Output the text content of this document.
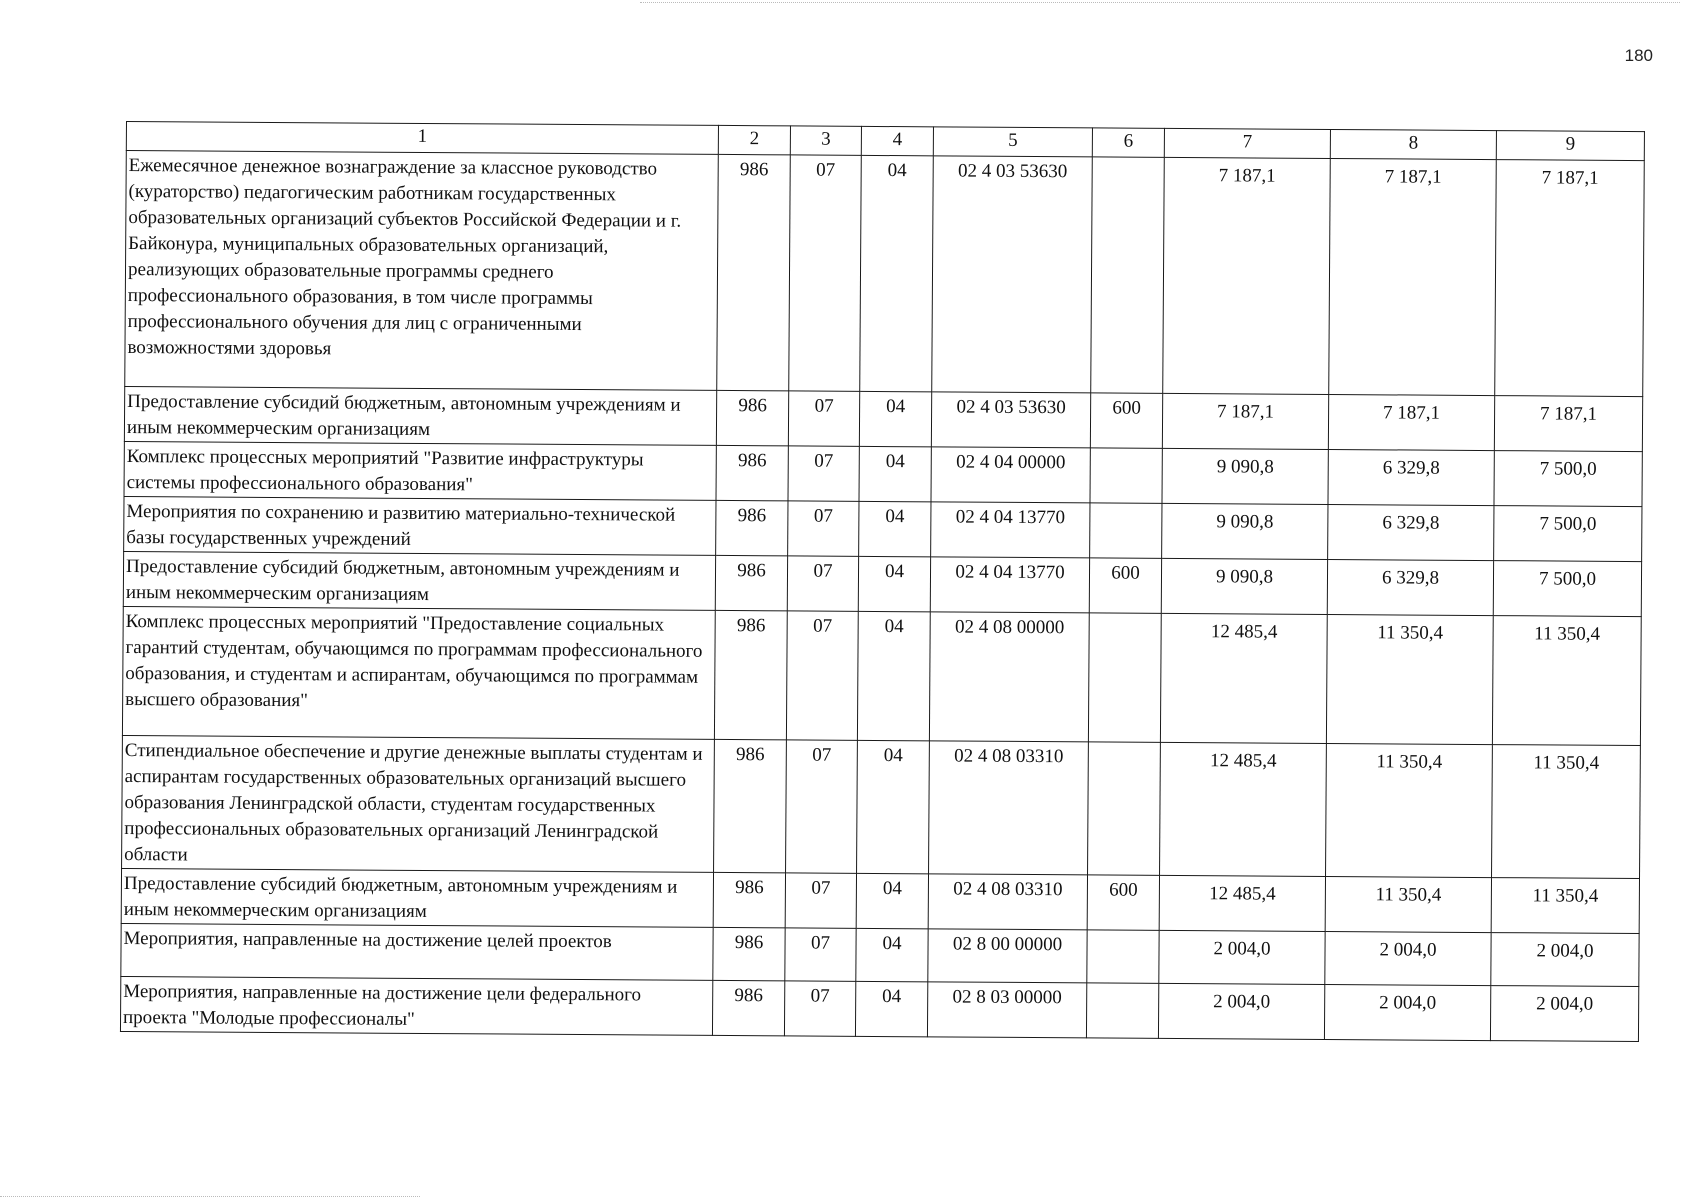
180
1	2	3	4	5	6	7	8	9
Ежемесячное денежное вознаграждение за классное руководство (кураторство) педагогическим работникам государственных образовательных организаций субъектов Российской Федерации и г. Байконура, муниципальных образовательных организаций, реализующих образовательные программы среднего профессионального образования, в том числе программы профессионального обучения для лиц с ограниченными возможностями здоровья	986	07	04	02 4 03 53630		7 187,1	7 187,1	7 187,1
Предоставление субсидий бюджетным, автономным учреждениям и иным некоммерческим организациям	986	07	04	02 4 03 53630	600	7 187,1	7 187,1	7 187,1
Комплекс процессных мероприятий "Развитие инфраструктуры системы профессионального образования"	986	07	04	02 4 04 00000		9 090,8	6 329,8	7 500,0
Мероприятия по сохранению и развитию материально-технической базы государственных учреждений	986	07	04	02 4 04 13770		9 090,8	6 329,8	7 500,0
Предоставление субсидий бюджетным, автономным учреждениям и иным некоммерческим организациям	986	07	04	02 4 04 13770	600	9 090,8	6 329,8	7 500,0
Комплекс процессных мероприятий "Предоставление социальных гарантий студентам, обучающимся по программам профессионального образования, и студентам и аспирантам, обучающимся по программам высшего образования"	986	07	04	02 4 08 00000		12 485,4	11 350,4	11 350,4
Стипендиальное обеспечение и другие денежные выплаты студентам и аспирантам государственных образовательных организаций высшего образования Ленинградской области, студентам государственных профессиональных образовательных организаций Ленинградской области	986	07	04	02 4 08 03310		12 485,4	11 350,4	11 350,4
Предоставление субсидий бюджетным, автономным учреждениям и иным некоммерческим организациям	986	07	04	02 4 08 03310	600	12 485,4	11 350,4	11 350,4
Мероприятия, направленные на достижение целей проектов	986	07	04	02 8 00 00000		2 004,0	2 004,0	2 004,0
Мероприятия, направленные на достижение цели федерального проекта "Молодые профессионалы"	986	07	04	02 8 03 00000		2 004,0	2 004,0	2 004,0
